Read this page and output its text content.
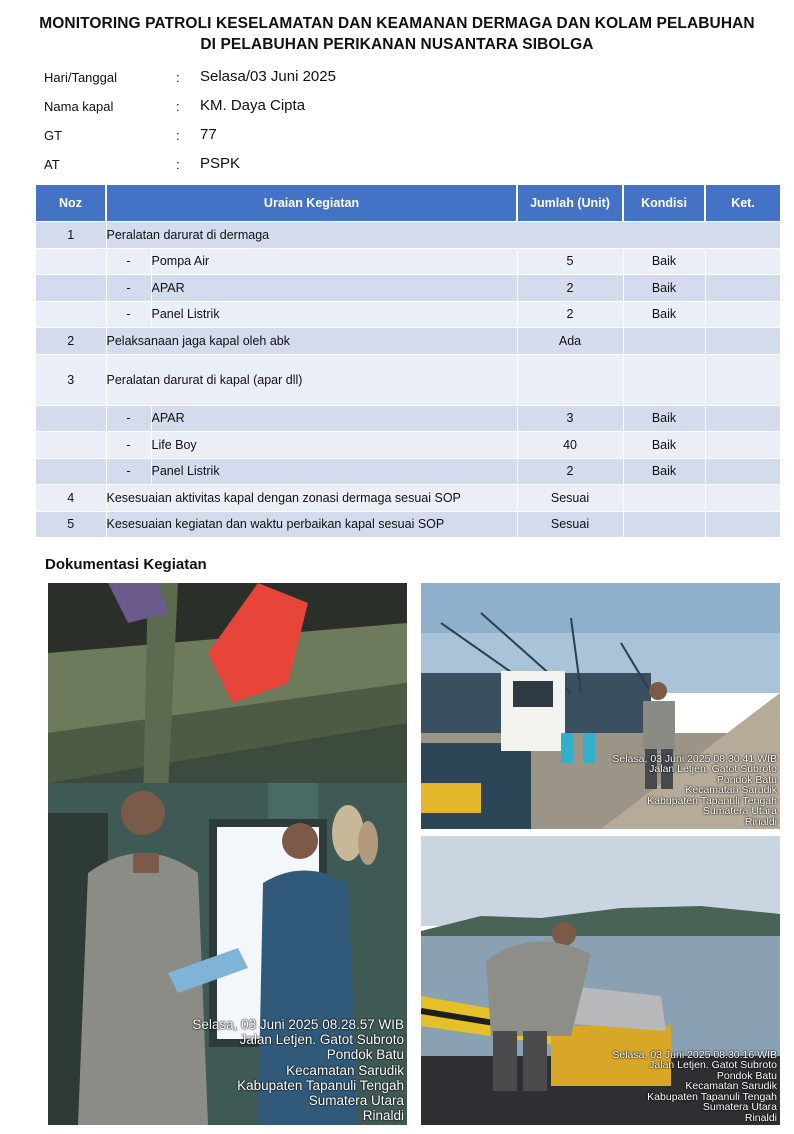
MONITORING PATROLI KESELAMATAN DAN KEAMANAN DERMAGA DAN KOLAM PELABUHAN
DI PELABUHAN PERIKANAN NUSANTARA SIBOLGA
Hari/Tanggal	: Selasa/03 Juni 2025
Nama kapal	: KM. Daya Cipta
GT	: 77
AT	: PSPK
Noz	Uraian Kegiatan		Jumlah (Unit)	Kondisi	Ket.
1	Peralatan darurat di dermaga				
	-	Pompa Air	5	Baik	
	-	APAR	2	Baik	
	-	Panel Listrik	2	Baik	
2	Pelaksanaan jaga kapal oleh abk		Ada		
3	Peralatan darurat di kapal (apar dll)				
	-	APAR	3	Baik	
	-	Life Boy	40	Baik	
	-	Panel Listrik	2	Baik	
4	Kesesuaian aktivitas kapal dengan zonasi dermaga sesuai SOP		Sesuai		
5	Kesesuaian kegiatan dan waktu perbaikan kapal sesuai SOP		Sesuai		
Dokumentasi Kegiatan
Selasa, 03 Juni 2025 08.28.57 WIB
Jalan Letjen. Gatot Subroto
Pondok Batu
Kecamatan Sarudik
Kabupaten Tapanuli Tengah
Sumatera Utara
Rinaldi
Selasa, 03 Juni 2025 08.30.41 WIB
Jalan Letjen. Gatot Subroto
Pondok Batu
Kecamatan Sarudik
Kabupaten Tapanuli Tengah
Sumatera Utara
Rinaldi
Selasa, 03 Juni 2025 08.30.16 WIB
Jalan Letjen. Gatot Subroto
Pondok Batu
Kecamatan Sarudik
Kabupaten Tapanuli Tengah
Sumatera Utara
Rinaldi
